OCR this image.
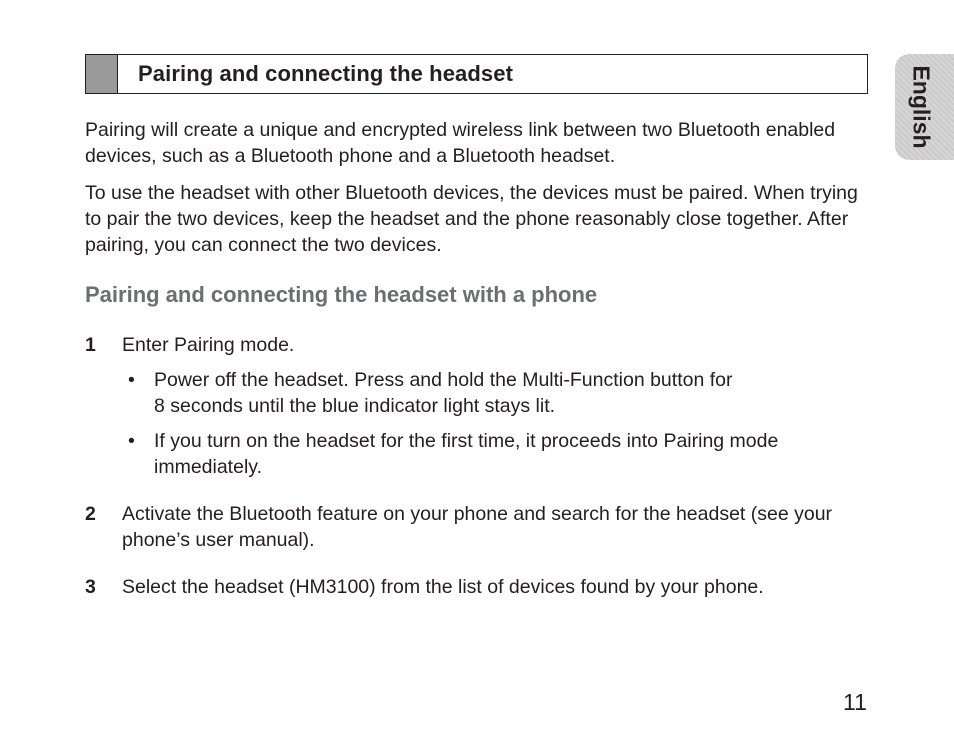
Pairing and connecting the headset	English

Pairing will create a unique and encrypted wireless link between two Bluetooth enabled devices, such as a Bluetooth phone and a Bluetooth headset.

To use the headset with other Bluetooth devices, the devices must be paired. When trying to pair the two devices, keep the headset and the phone reasonably close together. After pairing, you can connect the two devices.

Pairing and connecting the headset with a phone
1 Enter Pairing mode.

• Power off the headset. Press and hold the Multi-Function button for

8 seconds until the blue indicator light stays lit.

• If you turn on the headset for the first time, it proceeds into Pairing mode

immediately.

2 Activate the Bluetooth feature on your phone and search for the headset (see your phone’s user manual).

3 Select the headset (HM3100) from the list of devices found by your phone.

11
